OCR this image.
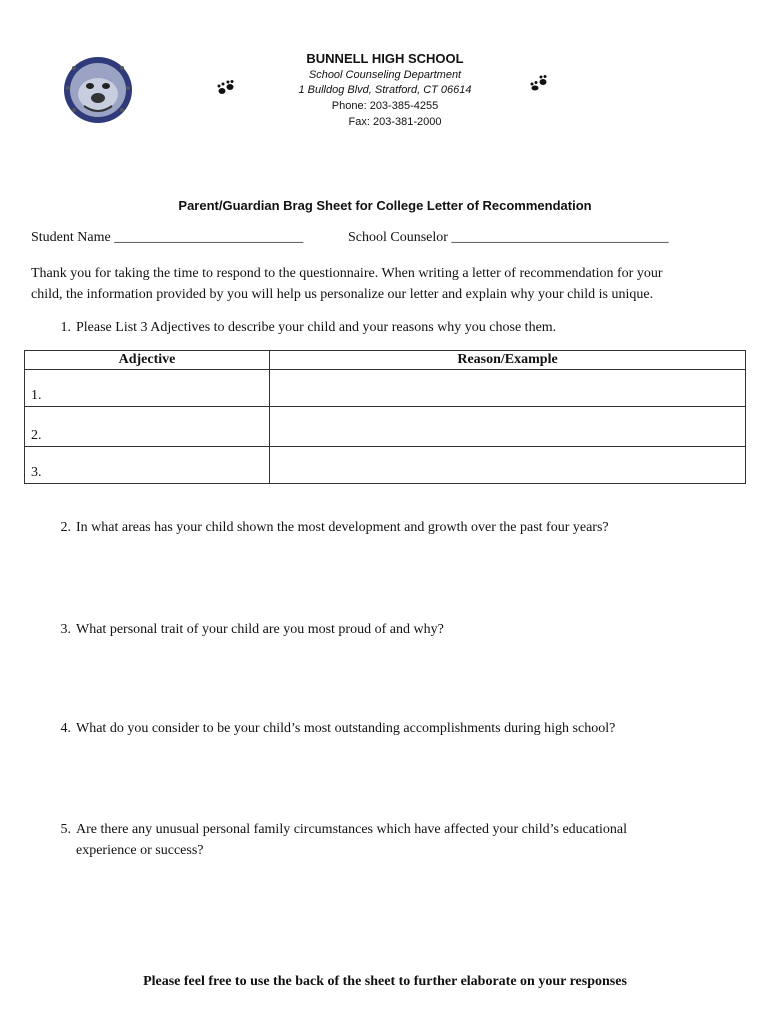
BUNNELL HIGH SCHOOL
School Counseling Department
1 Bulldog Blvd, Stratford, CT 06614
Phone: 203-385-4255
Fax: 203-381-2000
Parent/Guardian Brag Sheet for College Letter of Recommendation
Student Name ___________________________	School Counselor _______________________________
Thank you for taking the time to respond to the questionnaire. When writing a letter of recommendation for your
child, the information provided by you will help us personalize our letter and explain why your child is unique.
1. Please List 3 Adjectives to describe your child and your reasons why you chose them.
Adjective	Reason/Example
1.	
2.	
3.	
2. In what areas has your child shown the most development and growth over the past four years?
3. What personal trait of your child are you most proud of and why?
4. What do you consider to be your child’s most outstanding accomplishments during high school?
5. Are there any unusual personal family circumstances which have affected your child’s educational
experience or success?
Please feel free to use the back of the sheet to further elaborate on your responses
